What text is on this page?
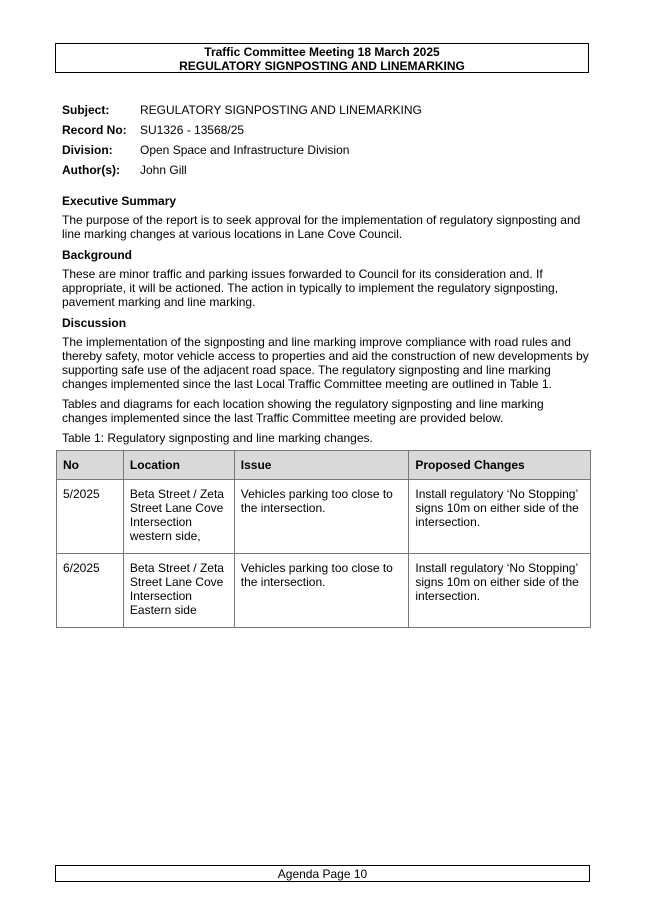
Traffic Committee Meeting 18 March 2025
REGULATORY SIGNPOSTING AND LINEMARKING
Subject:	REGULATORY SIGNPOSTING AND LINEMARKING
Record No:	SU1326 - 13568/25
Division:	Open Space and Infrastructure Division
Author(s):	John Gill
Executive Summary

The purpose of the report is to seek approval for the implementation of regulatory signposting and line marking changes at various locations in Lane Cove Council.

Background

These are minor traffic and parking issues forwarded to Council for its consideration and. If appropriate, it will be actioned. The action in typically to implement the regulatory signposting, pavement marking and line marking.

Discussion

The implementation of the signposting and line marking improve compliance with road rules and thereby safety, motor vehicle access to properties and aid the construction of new developments by supporting safe use of the adjacent road space. The regulatory signposting and line marking changes implemented since the last Local Traffic Committee meeting are outlined in Table 1.

Tables and diagrams for each location showing the regulatory signposting and line marking changes implemented since the last Traffic Committee meeting are provided below.

Table 1: Regulatory signposting and line marking changes.

No	Location	Issue	Proposed Changes
5/2025	Beta Street / Zeta Street Lane Cove Intersection western side,	Vehicles parking too close to the intersection.	Install regulatory ‘No Stopping’ signs 10m on either side of the intersection.
6/2025	Beta Street / Zeta Street Lane Cove Intersection Eastern side	Vehicles parking too close to the intersection.	Install regulatory ‘No Stopping’ signs 10m on either side of the intersection.
Agenda Page 10
